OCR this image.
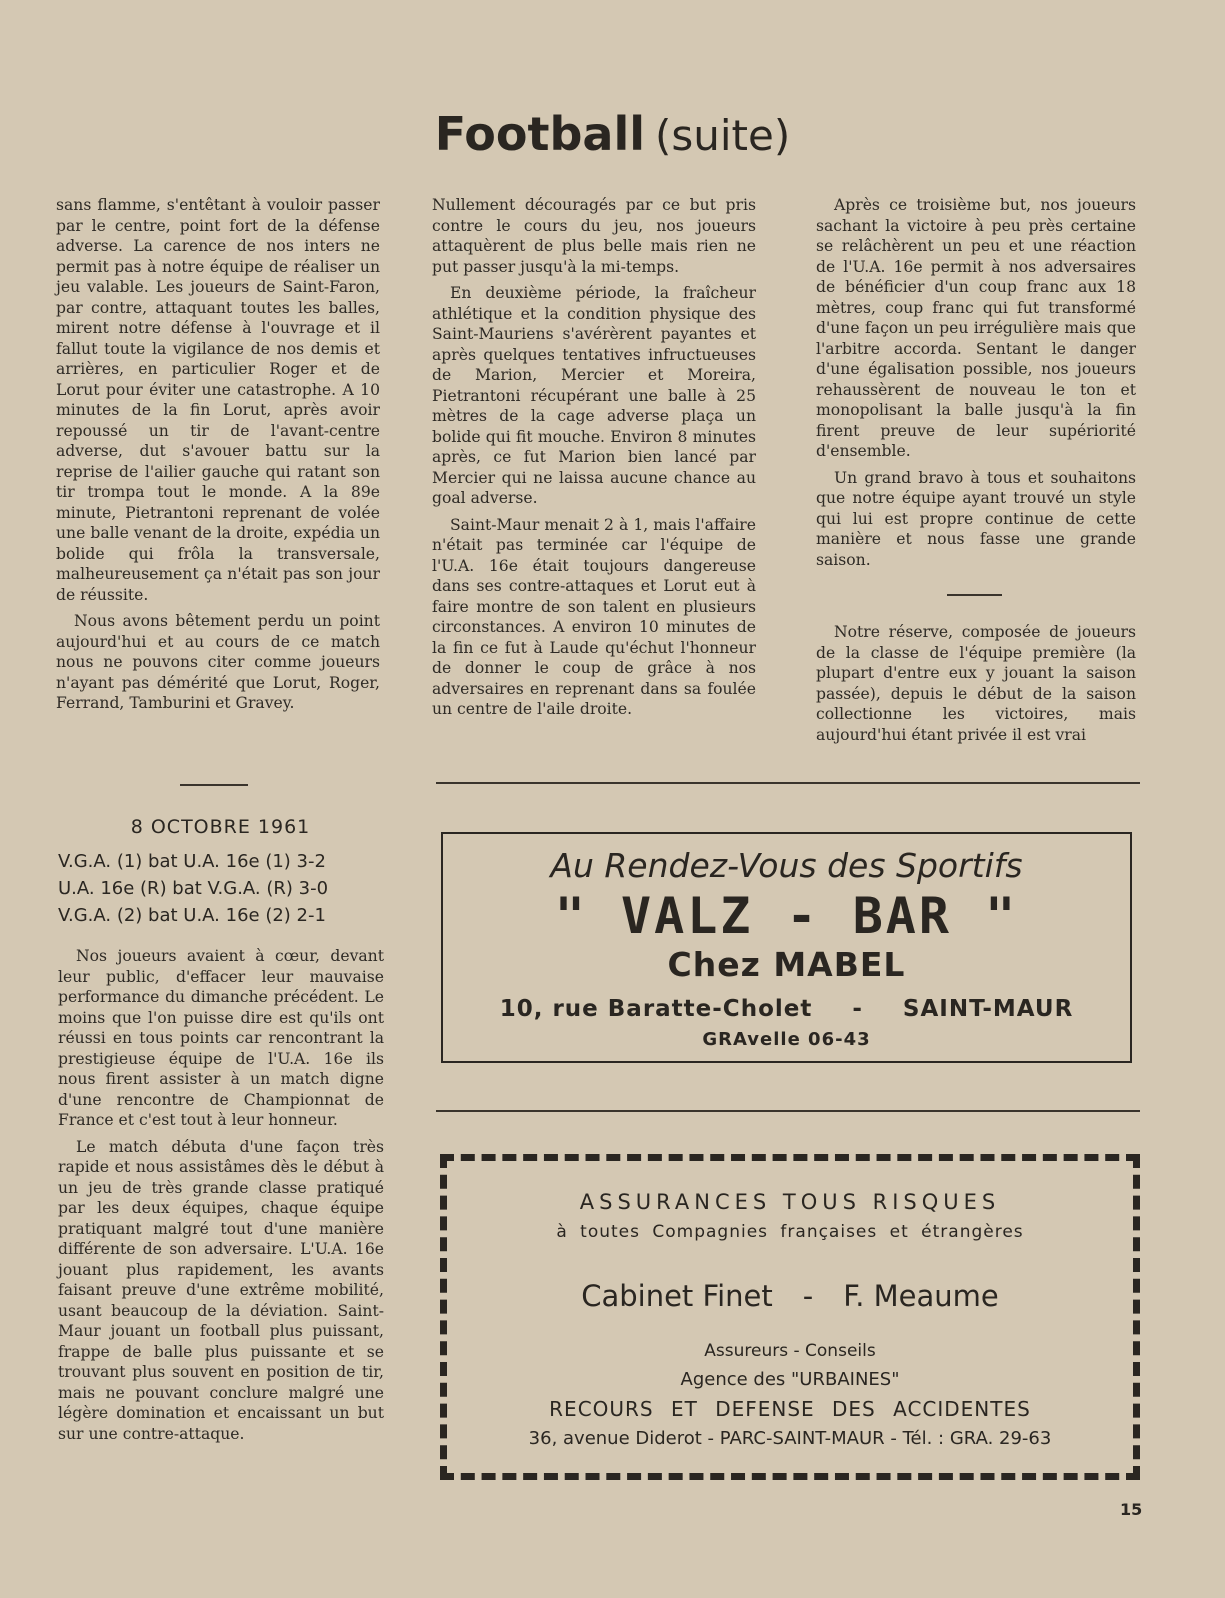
Football (suite)

sans flamme, s'entêtant à vouloir passer par le centre, point fort de la défense adverse. La carence de nos inters ne permit pas à notre équipe de réaliser un jeu valable. Les joueurs de Saint-Faron, par contre, attaquant toutes les balles, mirent notre défense à l'ouvrage et il fallut toute la vigilance de nos demis et arrières, en particulier Roger et de Lorut pour éviter une catastrophe. A 10 minutes de la fin Lorut, après avoir repoussé un tir de l'avant-centre adverse, dut s'avouer battu sur la reprise de l'ailier gauche qui ratant son tir trompa tout le monde. A la 89e minute, Pietrantoni reprenant de volée une balle venant de la droite, expédia un bolide qui frôla la transversale, malheureusement ça n'était pas son jour de réussite.

Nous avons bêtement perdu un point aujourd'hui et au cours de ce match nous ne pouvons citer comme joueurs n'ayant pas démérité que Lorut, Roger, Ferrand, Tamburini et Gravey.

Nullement découragés par ce but pris contre le cours du jeu, nos joueurs attaquèrent de plus belle mais rien ne put passer jusqu'à la mi-temps.

En deuxième période, la fraîcheur athlétique et la condition physique des Saint-Mauriens s'avérèrent payantes et après quelques tentatives infructueuses de Marion, Mercier et Moreira, Pietrantoni récupérant une balle à 25 mètres de la cage adverse plaça un bolide qui fit mouche. Environ 8 minutes après, ce fut Marion bien lancé par Mercier qui ne laissa aucune chance au goal adverse.

Saint-Maur menait 2 à 1, mais l'affaire n'était pas terminée car l'équipe de l'U.A. 16e était toujours dangereuse dans ses contre-attaques et Lorut eut à faire montre de son talent en plusieurs circonstances. A environ 10 minutes de la fin ce fut à Laude qu'échut l'honneur de donner le coup de grâce à nos adversaires en reprenant dans sa foulée un centre de l'aile droite.

Après ce troisième but, nos joueurs sachant la victoire à peu près certaine se relâchèrent un peu et une réaction de l'U.A. 16e permit à nos adversaires de bénéficier d'un coup franc aux 18 mètres, coup franc qui fut transformé d'une façon un peu irrégulière mais que l'arbitre accorda. Sentant le danger d'une égalisation possible, nos joueurs rehaussèrent de nouveau le ton et monopolisant la balle jusqu'à la fin firent preuve de leur supériorité d'ensemble.

Un grand bravo à tous et souhaitons que notre équipe ayant trouvé un style qui lui est propre continue de cette manière et nous fasse une grande saison.

Notre réserve, composée de joueurs de la classe de l'équipe première (la plupart d'entre eux y jouant la saison passée), depuis le début de la saison collectionne les victoires, mais aujourd'hui étant privée il est vrai

8 OCTOBRE 1961
V.G.A. (1) bat U.A. 16e (1) 3-2
U.A. 16e (R) bat V.G.A. (R) 3-0
V.G.A. (2) bat U.A. 16e (2) 2-1

Nos joueurs avaient à cœur, devant leur public, d'effacer leur mauvaise performance du dimanche précédent. Le moins que l'on puisse dire est qu'ils ont réussi en tous points car rencontrant la prestigieuse équipe de l'U.A. 16e ils nous firent assister à un match digne d'une rencontre de Championnat de France et c'est tout à leur honneur.

Le match débuta d'une façon très rapide et nous assistâmes dès le début à un jeu de très grande classe pratiqué par les deux équipes, chaque équipe pratiquant malgré tout d'une manière différente de son adversaire. L'U.A. 16e jouant plus rapidement, les avants faisant preuve d'une extrême mobilité, usant beaucoup de la déviation. Saint-Maur jouant un football plus puissant, frappe de balle plus puissante et se trouvant plus souvent en position de tir, mais ne pouvant conclure malgré une légère domination et encaissant un but sur une contre-attaque.

Au Rendez-Vous des Sportifs
" VALZ - BAR "
Chez MABEL
10, rue Baratte-Cholet - SAINT-MAUR
GRAvelle 06-43
ASSURANCES TOUS RISQUES
à toutes Compagnies françaises et étrangères
Cabinet Finet - F. Meaume
Assureurs - Conseils
Agence des "URBAINES"
RECOURS ET DEFENSE DES ACCIDENTES
36, avenue Diderot - PARC-SAINT-MAUR - Tél. : GRA. 29-63
15
